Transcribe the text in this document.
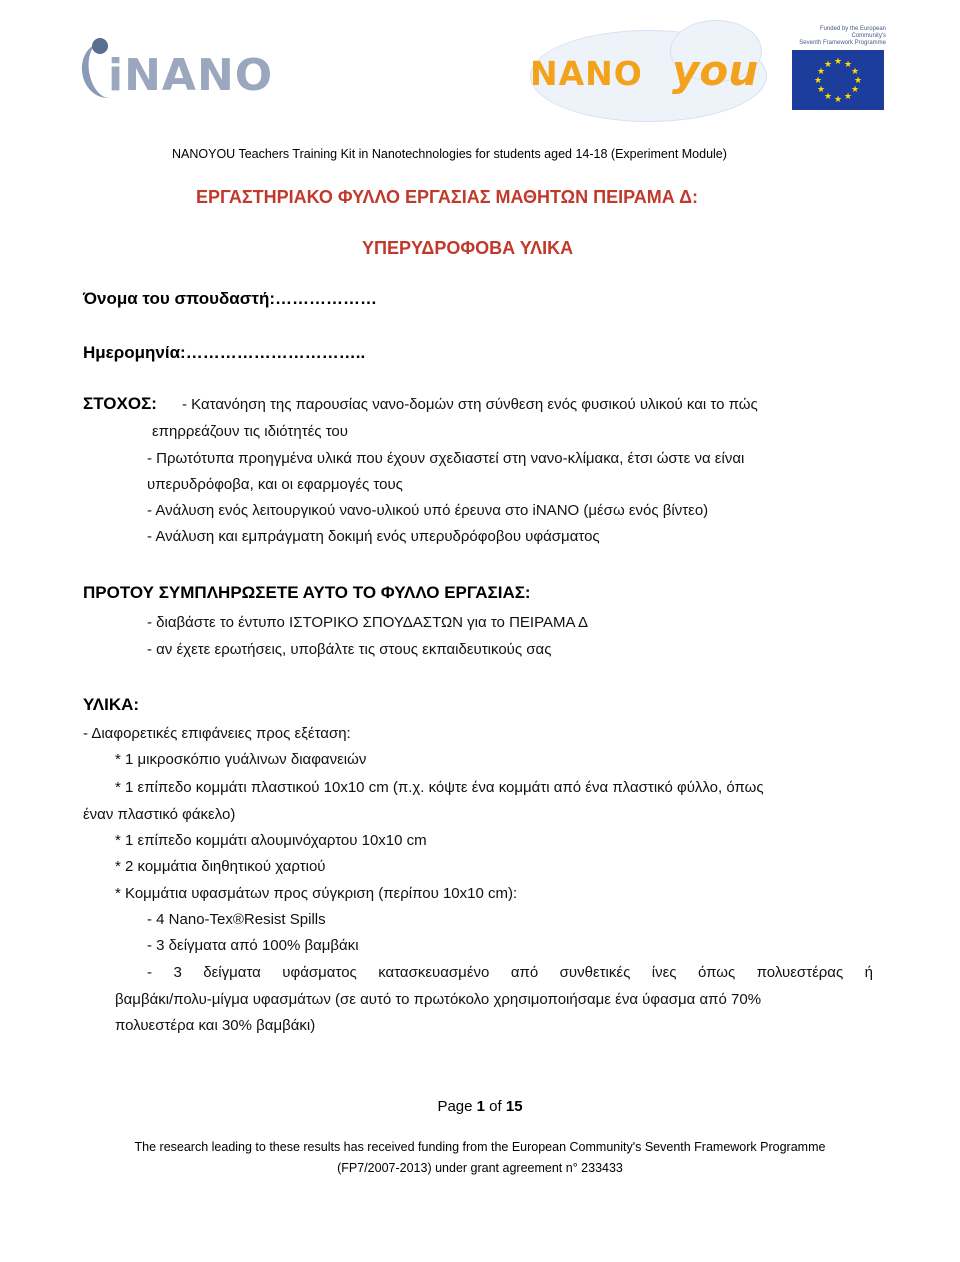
iNANO	NANO you
Funded by the European Community's
Seventh Framework Programme
★ ★
★
★
★
★
★
★
★
★
★
★
NANOYOU Teachers Training Kit in Nanotechnologies for students aged 14-18 (Experiment Module)
ΕΡΓΑΣΤΗΡΙΑΚΟ ΦΥΛΛΟ ΕΡΓΑΣΙΑΣ ΜΑΘΗΤΩΝ ΠΕΙΡΑΜΑ Δ:
ΥΠΕΡΥΔΡΟΦΟΒΑ ΥΛΙΚΑ
Όνομα του σπουδαστή:………………
Ημερομηνία:…………………………..
ΣΤΟΧΟΣ: - Κατανόηση της παρουσίας νανο-δομών στη σύνθεση ενός φυσικού υλικού και το πώς
επηρρεάζουν τις ιδιότητές του
- Πρωτότυπα προηγμένα υλικά που έχουν σχεδιαστεί στη νανο-κλίμακα, έτσι ώστε να είναι
υπερυδρόφοβα, και οι εφαρμογές τους
- Ανάλυση ενός λειτουργικού νανο-υλικού υπό έρευνα στο iNANO (μέσω ενός βίντεο)
- Ανάλυση και εμπράγματη δοκιμή ενός υπερυδρόφοβου υφάσματος
ΠΡΟΤΟΥ ΣΥΜΠΛΗΡΩΣΕΤΕ ΑΥΤΟ ΤΟ ΦΥΛΛΟ ΕΡΓΑΣΙΑΣ:
- διαβάστε το έντυπο ΙΣΤΟΡΙΚΟ ΣΠΟΥΔΑΣΤΩΝ για το ΠΕΙΡΑΜΑ Δ
- αν έχετε ερωτήσεις, υποβάλτε τις στους εκπαιδευτικούς σας
ΥΛΙΚΑ:
- Διαφορετικές επιφάνειες προς εξέταση:
* 1 μικροσκόπιο γυάλινων διαφανειών
* 1 επίπεδο κομμάτι πλαστικού 10x10 cm (π.χ. κόψτε ένα κομμάτι από ένα πλαστικό φύλλο, όπως
έναν πλαστικό φάκελο)
* 1 επίπεδο κομμάτι αλουμινόχαρτου 10x10 cm
* 2 κομμάτια διηθητικού χαρτιού
* Κομμάτια υφασμάτων προς σύγκριση (περίπου 10x10 cm):
- 4 Nano-Tex®Resist Spills
- 3 δείγματα από 100% βαμβάκι
- 3 δείγματα υφάσματος κατασκευασμένο από συνθετικές ίνες όπως πολυεστέρας ή
βαμβάκι/πολυ-μίγμα υφασμάτων (σε αυτό το πρωτόκολο χρησιμοποιήσαμε ένα ύφασμα από 70%
πολυεστέρα και 30% βαμβάκι)
Page 1 of 15
The research leading to these results has received funding from the European Community's Seventh Framework Programme
(FP7/2007-2013) under grant agreement n° 233433
